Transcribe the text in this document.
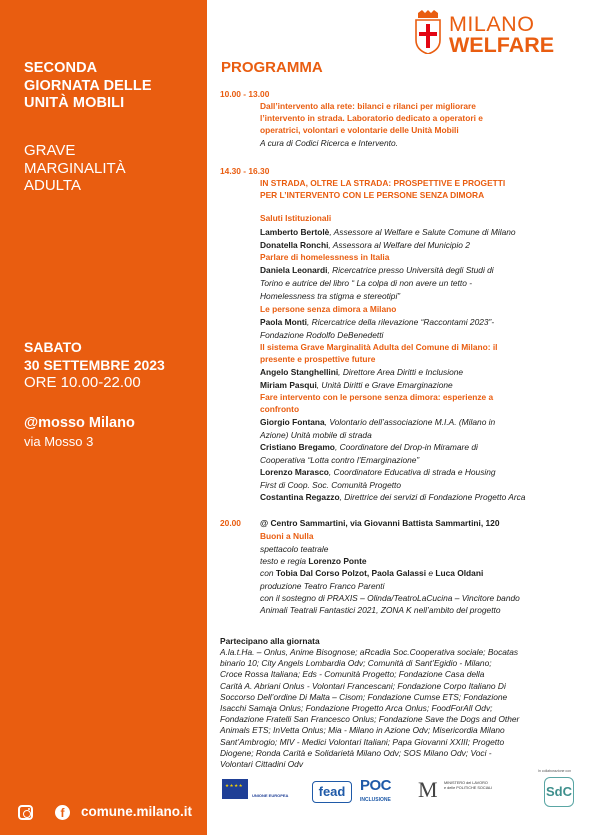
SECONDA
GIORNATA DELLE
UNITÀ MOBILI
GRAVE
MARGINALITÀ
ADULTA
SABATO
30 SETTEMBRE 2023
ORE 10.00-22.00
@mosso Milano
via Mosso 3
f	comune.milano.it
MILANO
WELFARE
PROGRAMMA
10.00 - 13.00
Dall’intervento alla rete: bilanci e rilanci per migliorare
l’intervento in strada. Laboratorio dedicato a operatori e
operatrici, volontari e volontarie delle Unità Mobili
A cura di Codici Ricerca e Intervento.
14.30 - 16.30
IN STRADA, OLTRE LA STRADA: PROSPETTIVE E PROGETTI
PER L’INTERVENTO CON LE PERSONE SENZA DIMORA
Saluti Istituzionali
Lamberto Bertolè, Assessore al Welfare e Salute Comune di Milano
Donatella Ronchi, Assessora al Welfare del Municipio 2
Parlare di homelessness in Italia
Daniela Leonardi, Ricercatrice presso Università degli Studi di
Torino e autrice del libro “ La colpa di non avere un tetto -
Homelessness tra stigma e stereotipi”
Le persone senza dimora a Milano
Paola Monti, Ricercatrice della rilevazione “Raccontami 2023”-
Fondazione Rodolfo DeBenedetti
Il sistema Grave Marginalità Adulta del Comune di Milano: il
presente e prospettive future
Angelo Stanghellini, Direttore Area Diritti e Inclusione
Miriam Pasqui, Unità Diritti e Grave Emarginazione
Fare intervento con le persone senza dimora: esperienze a
confronto
Giorgio Fontana, Volontario dell’associazione M.I.A. (Milano in
Azione) Unità mobile di strada
Cristiano Bregamo, Coordinatore del Drop-in Miramare di
Cooperativa “Lotta contro l’Emarginazione”
Lorenzo Marasco, Coordinatore Educativa di strada e Housing
First di Coop. Soc. Comunità Progetto
Costantina Regazzo, Direttrice dei servizi di Fondazione Progetto Arca
20.00 @ Centro Sammartini, via Giovanni Battista Sammartini, 120
Buoni a Nulla
spettacolo teatrale
testo e regia Lorenzo Ponte
con Tobia Dal Corso Polzot, Paola Galassi e Luca Oldani
produzione Teatro Franco Parenti
con il sostegno di PRAXIS – Olinda/TeatroLaCucina – Vincitore bando
Animali Teatrali Fantastici 2021, ZONA K nell’ambito del progetto
Partecipano alla giornata
A.la.t.Ha. – Onlus, Anime Bisognose; aRcadia Soc.Cooperativa sociale; Bocatas
binario 10; City Angels Lombardia Odv; Comunità di Sant’Egidio - Milano;
Croce Rossa Italiana; Eds - Comunità Progetto; Fondazione Casa della
Carità A. Abriani Onlus - Volontari Francescani; Fondazione Corpo Italiano Di
Soccorso Dell’ordine Di Malta – Cisom; Fondazione Cumse ETS; Fondazione
Isacchi Samaja Onlus; Fondazione Progetto Arca Onlus; FoodForAll Odv;
Fondazione Fratelli San Francesco Onlus; Fondazione Save the Dogs and Other
Animals ETS; InVetta Onlus; Mia - Milano in Azione Odv; Misericordia Milano
Sant’Ambrogio; MIV - Medici Volontari Italiani; Papa Giovanni XXIII; Progetto
Diogene; Ronda Carità e Solidarietà Milano Odv; SOS Milano Odv; Voci -
Volontari Cittadini Odv
★★★★
UNIONE EUROPEA	fead POC
INCLUSIONE M	MINISTERO del LAVORO
e delle POLITICHE SOCIALI
In collaborazione con
SdC
